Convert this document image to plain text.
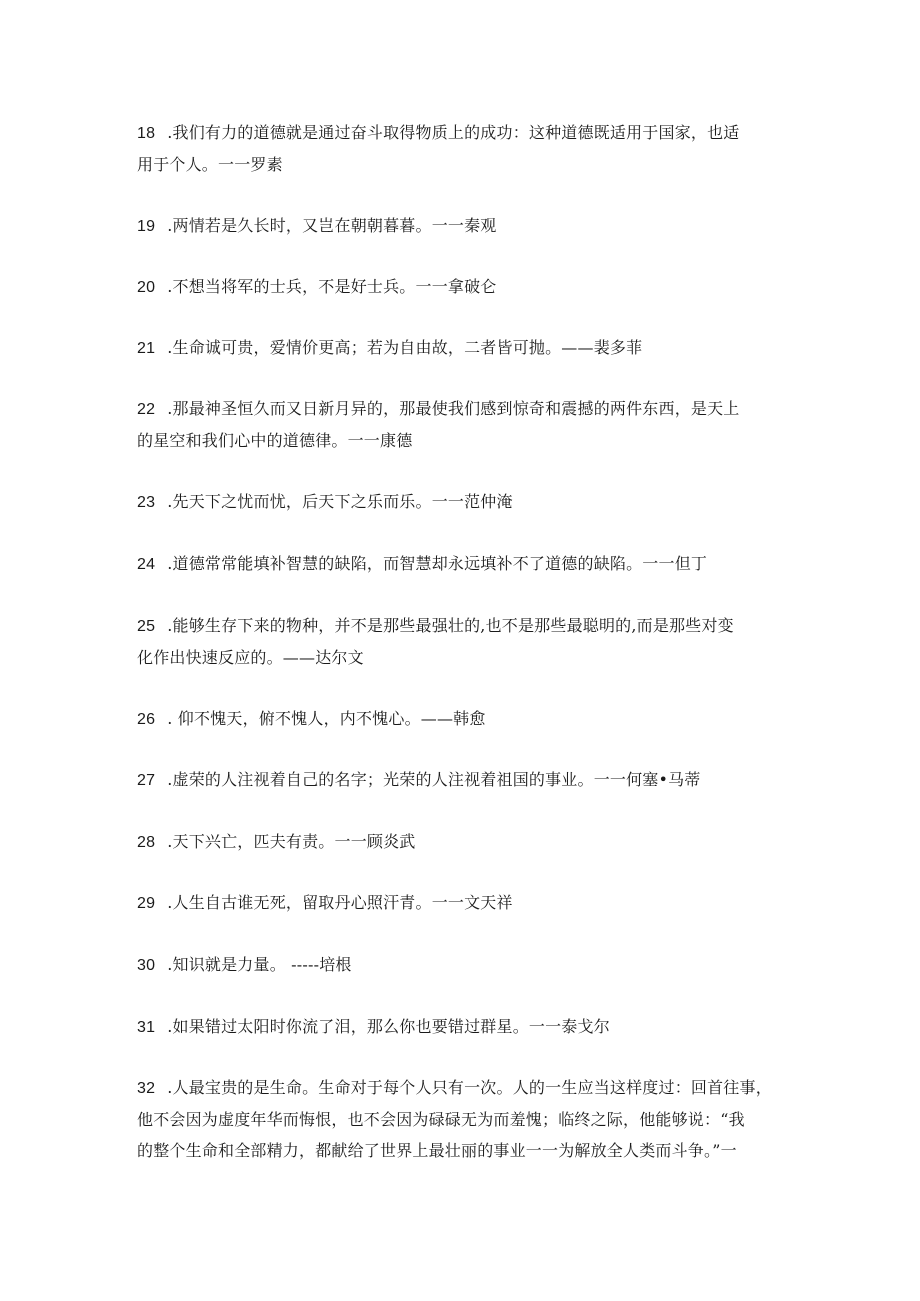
18 .我们有力的道德就是通过奋斗取得物质上的成功：这种道德既适用于国家，也适
用于个人。一一罗素
19 .两情若是久长时，又岂在朝朝暮暮。一一秦观
20 .不想当将军的士兵，不是好士兵。一一拿破仑
21 .生命诚可贵，爱情价更高；若为自由故，二者皆可抛。——裴多菲
22 .那最神圣恒久而又日新月异的，那最使我们感到惊奇和震撼的两件东西，是天上
的星空和我们心中的道德律。一一康德
23 .先天下之忧而忧，后天下之乐而乐。一一范仲淹
24 .道德常常能填补智慧的缺陷，而智慧却永远填补不了道德的缺陷。一一但丁
25 .能够生存下来的物种，并不是那些最强壮的,也不是那些最聪明的,而是那些对变
化作出快速反应的。——达尔文
26 . 仰不愧天，俯不愧人，内不愧心。——韩愈
27 .虚荣的人注视着自己的名字；光荣的人注视着祖国的事业。一一何塞•马蒂
28 .天下兴亡，匹夫有责。一一顾炎武
29 .人生自古谁无死，留取丹心照汗青。一一文天祥
30 .知识就是力量。 -----培根
31 .如果错过太阳时你流了泪，那么你也要错过群星。一一泰戈尔
32 .人最宝贵的是生命。生命对于每个人只有一次。人的一生应当这样度过：回首往事，
他不会因为虚度年华而悔恨，也不会因为碌碌无为而羞愧；临终之际，他能够说：“我
的整个生命和全部精力，都献给了世界上最壮丽的事业一一为解放全人类而斗争。”一
